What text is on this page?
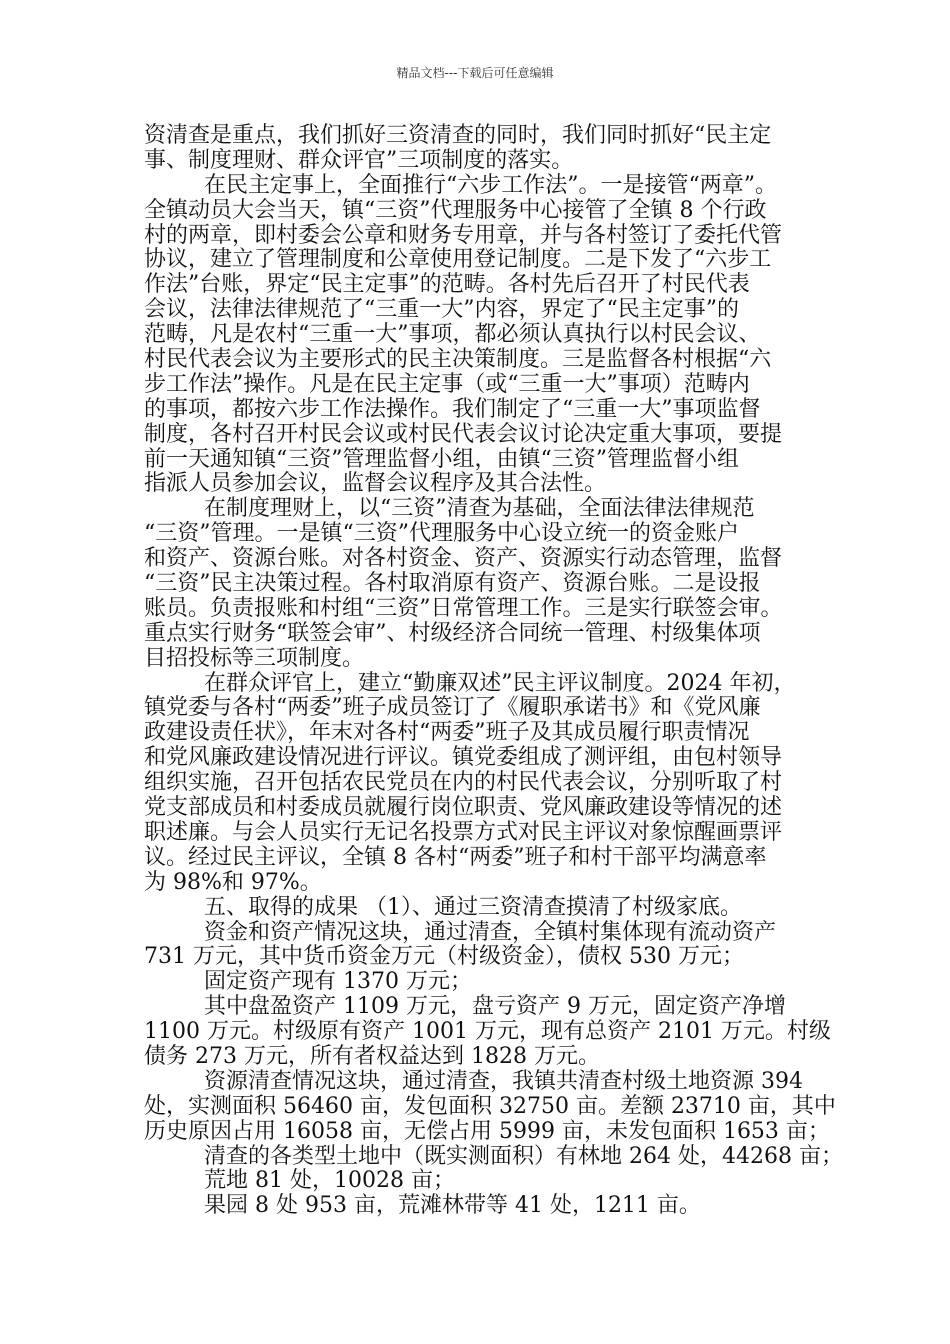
精品文档---下载后可任意编辑
资清查是重点，我们抓好三资清查的同时，我们同时抓好“民主定
事、制度理财、群众评官”三项制度的落实。
在民主定事上，全面推行“六步工作法”。一是接管“两章”。
全镇动员大会当天，镇“三资”代理服务中心接管了全镇 8 个行政
村的两章，即村委会公章和财务专用章，并与各村签订了委托代管
协议，建立了管理制度和公章使用登记制度。二是下发了“六步工
作法”台账，界定“民主定事”的范畴。各村先后召开了村民代表
会议，法律法律规范了“三重一大”内容，界定了“民主定事”的
范畴，凡是农村“三重一大”事项，都必须认真执行以村民会议、
村民代表会议为主要形式的民主决策制度。三是监督各村根据“六
步工作法”操作。凡是在民主定事（或“三重一大”事项）范畴内
的事项，都按六步工作法操作。我们制定了“三重一大”事项监督
制度，各村召开村民会议或村民代表会议讨论决定重大事项，要提
前一天通知镇“三资”管理监督小组，由镇“三资”管理监督小组
指派人员参加会议，监督会议程序及其合法性。
在制度理财上，以“三资”清查为基础，全面法律法律规范
“三资”管理。一是镇“三资”代理服务中心设立统一的资金账户
和资产、资源台账。对各村资金、资产、资源实行动态管理，监督
“三资”民主决策过程。各村取消原有资产、资源台账。二是设报
账员。负责报账和村组“三资”日常管理工作。三是实行联签会审。
重点实行财务“联签会审”、村级经济合同统一管理、村级集体项
目招投标等三项制度。
在群众评官上，建立“勤廉双述”民主评议制度。2024 年初，
镇党委与各村“两委”班子成员签订了《履职承诺书》和《党风廉
政建设责任状》，年末对各村“两委”班子及其成员履行职责情况
和党风廉政建设情况进行评议。镇党委组成了测评组，由包村领导
组织实施，召开包括农民党员在内的村民代表会议，分别听取了村
党支部成员和村委成员就履行岗位职责、党风廉政建设等情况的述
职述廉。与会人员实行无记名投票方式对民主评议对象惊醒画票评
议。经过民主评议，全镇 8 各村“两委”班子和村干部平均满意率
为 98%和 97%。
五、取得的成果 （1）、通过三资清查摸清了村级家底。
资金和资产情况这块，通过清查，全镇村集体现有流动资产
731 万元，其中货币资金万元（村级资金），债权 530 万元；
固定资产现有 1370 万元；
其中盘盈资产 1109 万元，盘亏资产 9 万元，固定资产净增
1100 万元。村级原有资产 1001 万元，现有总资产 2101 万元。村级
债务 273 万元，所有者权益达到 1828 万元。
资源清查情况这块，通过清查，我镇共清查村级土地资源 394
处，实测面积 56460 亩，发包面积 32750 亩。差额 23710 亩，其中
历史原因占用 16058 亩，无偿占用 5999 亩，未发包面积 1653 亩；
清查的各类型土地中（既实测面积）有林地 264 处，44268 亩；
荒地 81 处，10028 亩；
果园 8 处 953 亩，荒滩林带等 41 处，1211 亩。
